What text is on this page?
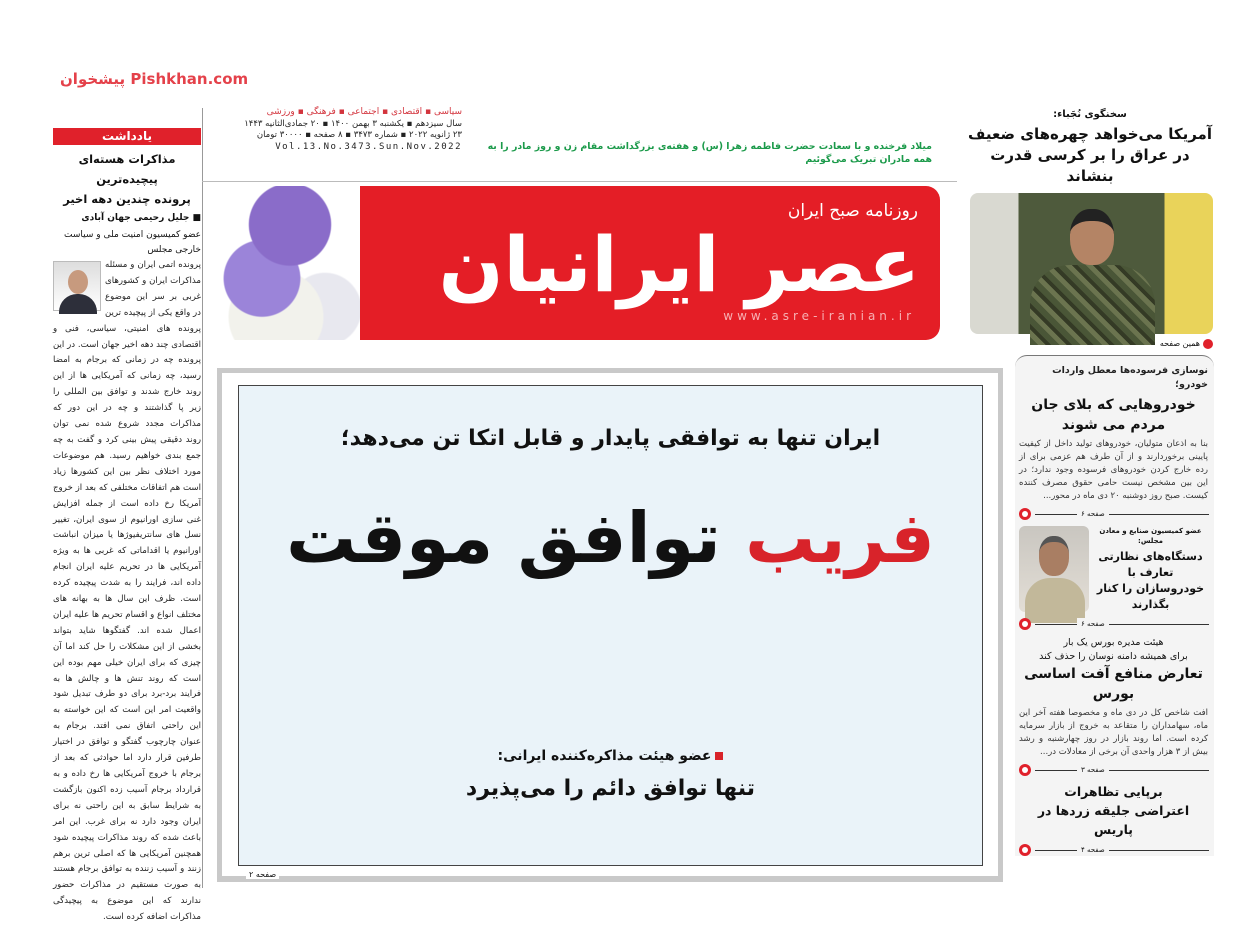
یادداشت
مذاکرات هسته‌ای پیچیده‌ترین
پرونده چندین دهه اخیر
■ جلیل رحیمی جهان آبادی
عضو کمیسیون امنیت ملی و سیاست خارجی مجلس
پرونده اتمی ایران و مسئله مذاکرات ایران و کشورهای غربی بر سر این موضوع در واقع یکی از پیچیده ترین پرونده های امنیتی، سیاسی، فنی و اقتصادی چند دهه اخیر جهان است. در این پرونده چه در زمانی که برجام به امضا رسید، چه زمانی که آمریکایی ها از این روند خارج شدند و توافق بین المللی را زیر پا گذاشتند و چه در این دور که مذاکرات مجدد شروع شده نمی توان روند دقیقی پیش بینی کرد و گفت به چه جمع بندی خواهیم رسید. هم موضوعات مورد اختلاف نظر بین این کشورها زیاد است هم اتفاقات مختلفی که بعد از خروج آمریکا رخ داده است از جمله افزایش غنی سازی اورانیوم از سوی ایران، تغییر نسل های سانتریفیوژها یا میزان انباشت اورانیوم یا اقداماتی که غربی ها به ویژه آمریکایی ها در تحریم علیه ایران انجام داده اند، فرایند را به شدت پیچیده کرده است. ظرف این سال ها به بهانه های مختلف انواع و اقسام تحریم ها علیه ایران اعمال شده اند. گفتگوها شاید بتواند بخشی از این مشکلات را حل کند اما آن چیزی که برای ایران خیلی مهم بوده این است که روند تنش ها و چالش ها به فرایند برد-برد برای دو طرف تبدیل شود واقعیت امر این است که این خواسته به این راحتی اتفاق نمی افتد. برجام به عنوان چارچوب گفتگو و توافق در اختیار طرفین قرار دارد اما حوادثی که بعد از برجام با خروج آمریکایی ها رخ داده و به قرارداد برجام آسیب زده اکنون بازگشت به شرایط سابق به این راحتی نه برای ایران وجود دارد نه برای غرب. این امر باعث شده که روند مذاکرات پیچیده شود همچنین آمریکایی ها که اصلی ترین برهم زنند و آسیب زننده به توافق برجام هستند به صورت مستقیم در مذاکرات حضور ندارند که این موضوع به پیچیدگی مذاکرات اضافه کرده است.
پیشخوان Pishkhan.com
سیاسی ▪ اقتصادی ▪ اجتماعی ▪ فرهنگی ▪ ورزشی
سال سیزدهم ▪ یکشنبه ۳ بهمن ۱۴۰۰ ▪ ۲۰ جمادی‌الثانیه ۱۴۴۳
۲۳ ژانویه ۲۰۲۲ ▪ شماره ۳۴۷۳ ▪ ۸ صفحه ▪ ۳۰۰۰۰ تومان
Vol.13.No.3473.Sun.Nov.2022	میلاد فرخنده و با سعادت حضرت فاطمه زهرا (س) و هفته‌ی بزرگداشت مقام زن و روز مادر را به همه مادران تبریک می‌گوئیم
روزنامه صبح ایران
عصر ایرانیان
www.asre-iranian.ir
ایران تنها به توافقی پایدار و قابل اتکا تن می‌دهد؛
فریب توافق موقت
عضو هیئت مذاکره‌کننده ایرانی:
تنها توافق دائم را می‌پذیرد
صفحه ۲
سخنگوی نُجَباء:
آمریکا می‌خواهد چهره‌های ضعیف در عراق را بر کرسی قدرت بنشاند
همین صفحه
نوسازی فرسوده‌ها معطل واردات خودرو؛
خودروهایی که بلای جان مردم می شوند
بنا به اذعان متولیان، خودروهای تولید داخل از کیفیت پایینی برخوردارند و از آن طرف هم عزمی برای از رده خارج کردن خودروهای فرسوده وجود ندارد؛ در این بین مشخص نیست حامی حقوق مصرف کننده کیست. صبح روز دوشنبه ۲۰ دی ماه در محور...
صفحه ۶
عضو کمیسیون صنایع و معادن مجلس:
دستگاه‌های نظارتی تعارف با خودروسازان را کنار بگذارند
صفحه ۶
هیئت مدیره بورس یک بار
برای همیشه دامنه نوسان را حذف کند
تعارض منافع آفت اساسی بورس
افت شاخص کل در دی ماه و مخصوصا هفته آخر این ماه، سهامداران را متقاعد به خروج از بازار سرمایه کرده است. اما روند بازار در روز چهارشنبه و رشد بیش از ۳ هزار واحدی آن برخی از معادلات در...
صفحه ۳
برپایی تظاهرات اعتراضی جلیقه زردها در پاریس
صفحه ۴
